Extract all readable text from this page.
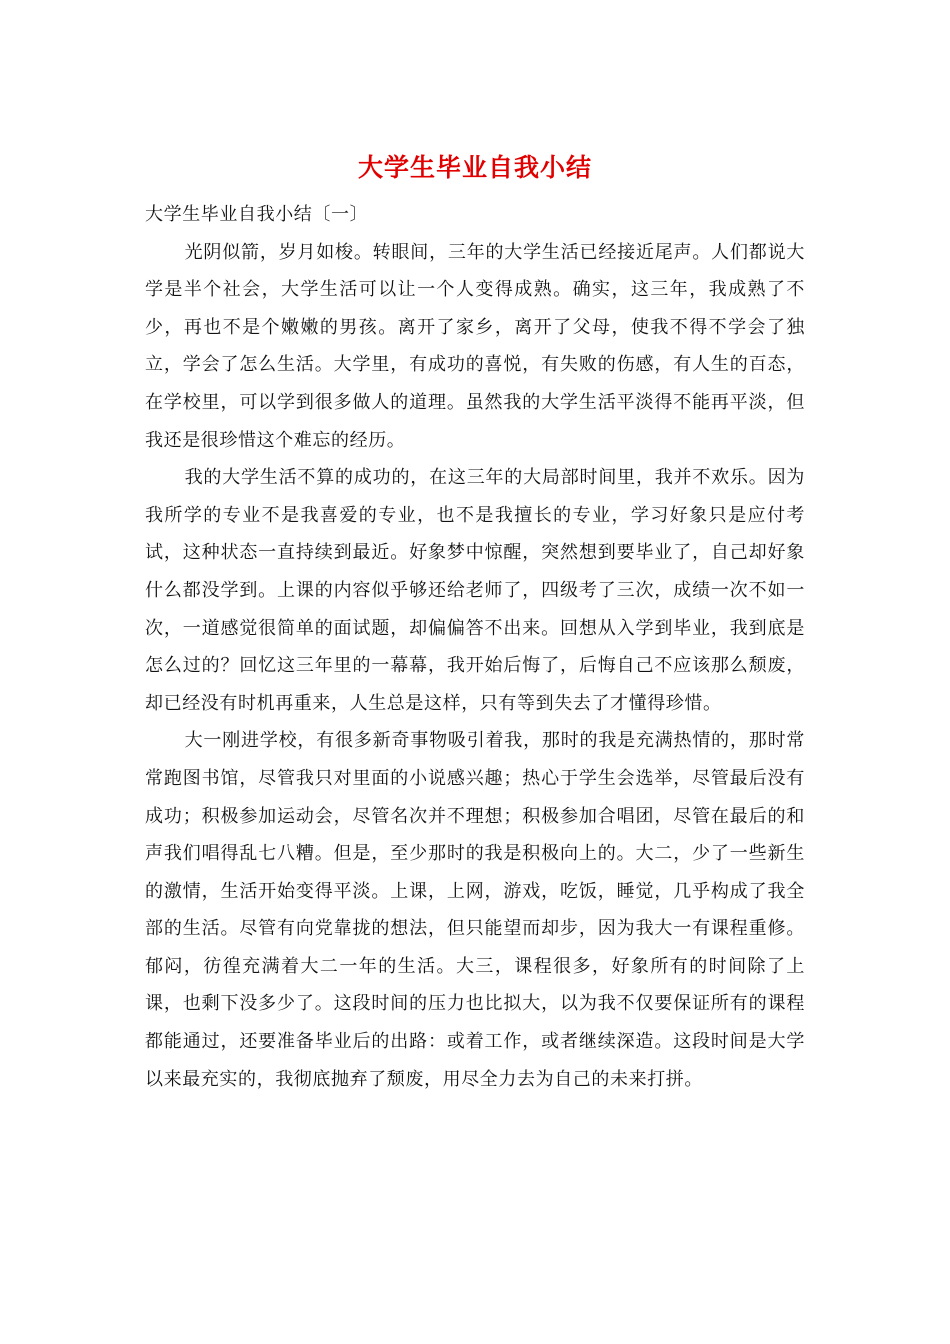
大学生毕业自我小结

大学生毕业自我小结〔一〕

光阴似箭，岁月如梭。转眼间，三年的大学生活已经接近尾声。人们都说大学是半个社会，大学生活可以让一个人变得成熟。确实，这三年，我成熟了不少，再也不是个嫩嫩的男孩。离开了家乡，离开了父母，使我不得不学会了独立，学会了怎么生活。大学里，有成功的喜悦，有失败的伤感，有人生的百态，在学校里，可以学到很多做人的道理。虽然我的大学生活平淡得不能再平淡，但我还是很珍惜这个难忘的经历。

我的大学生活不算的成功的，在这三年的大局部时间里，我并不欢乐。因为我所学的专业不是我喜爱的专业，也不是我擅长的专业，学习好象只是应付考试，这种状态一直持续到最近。好象梦中惊醒，突然想到要毕业了，自己却好象什么都没学到。上课的内容似乎够还给老师了，四级考了三次，成绩一次不如一次，一道感觉很简单的面试题，却偏偏答不出来。回想从入学到毕业，我到底是怎么过的？回忆这三年里的一幕幕，我开始后悔了，后悔自己不应该那么颓废，却已经没有时机再重来，人生总是这样，只有等到失去了才懂得珍惜。

大一刚进学校，有很多新奇事物吸引着我，那时的我是充满热情的，那时常常跑图书馆，尽管我只对里面的小说感兴趣；热心于学生会选举，尽管最后没有成功；积极参加运动会，尽管名次并不理想；积极参加合唱团，尽管在最后的和声我们唱得乱七八糟。但是，至少那时的我是积极向上的。大二，少了一些新生的激情，生活开始变得平淡。上课，上网，游戏，吃饭，睡觉，几乎构成了我全部的生活。尽管有向党靠拢的想法，但只能望而却步，因为我大一有课程重修。郁闷，彷徨充满着大二一年的生活。大三，课程很多，好象所有的时间除了上课，也剩下没多少了。这段时间的压力也比拟大，以为我不仅要保证所有的课程都能通过，还要准备毕业后的出路：或着工作，或者继续深造。这段时间是大学以来最充实的，我彻底抛弃了颓废，用尽全力去为自己的未来打拼。
